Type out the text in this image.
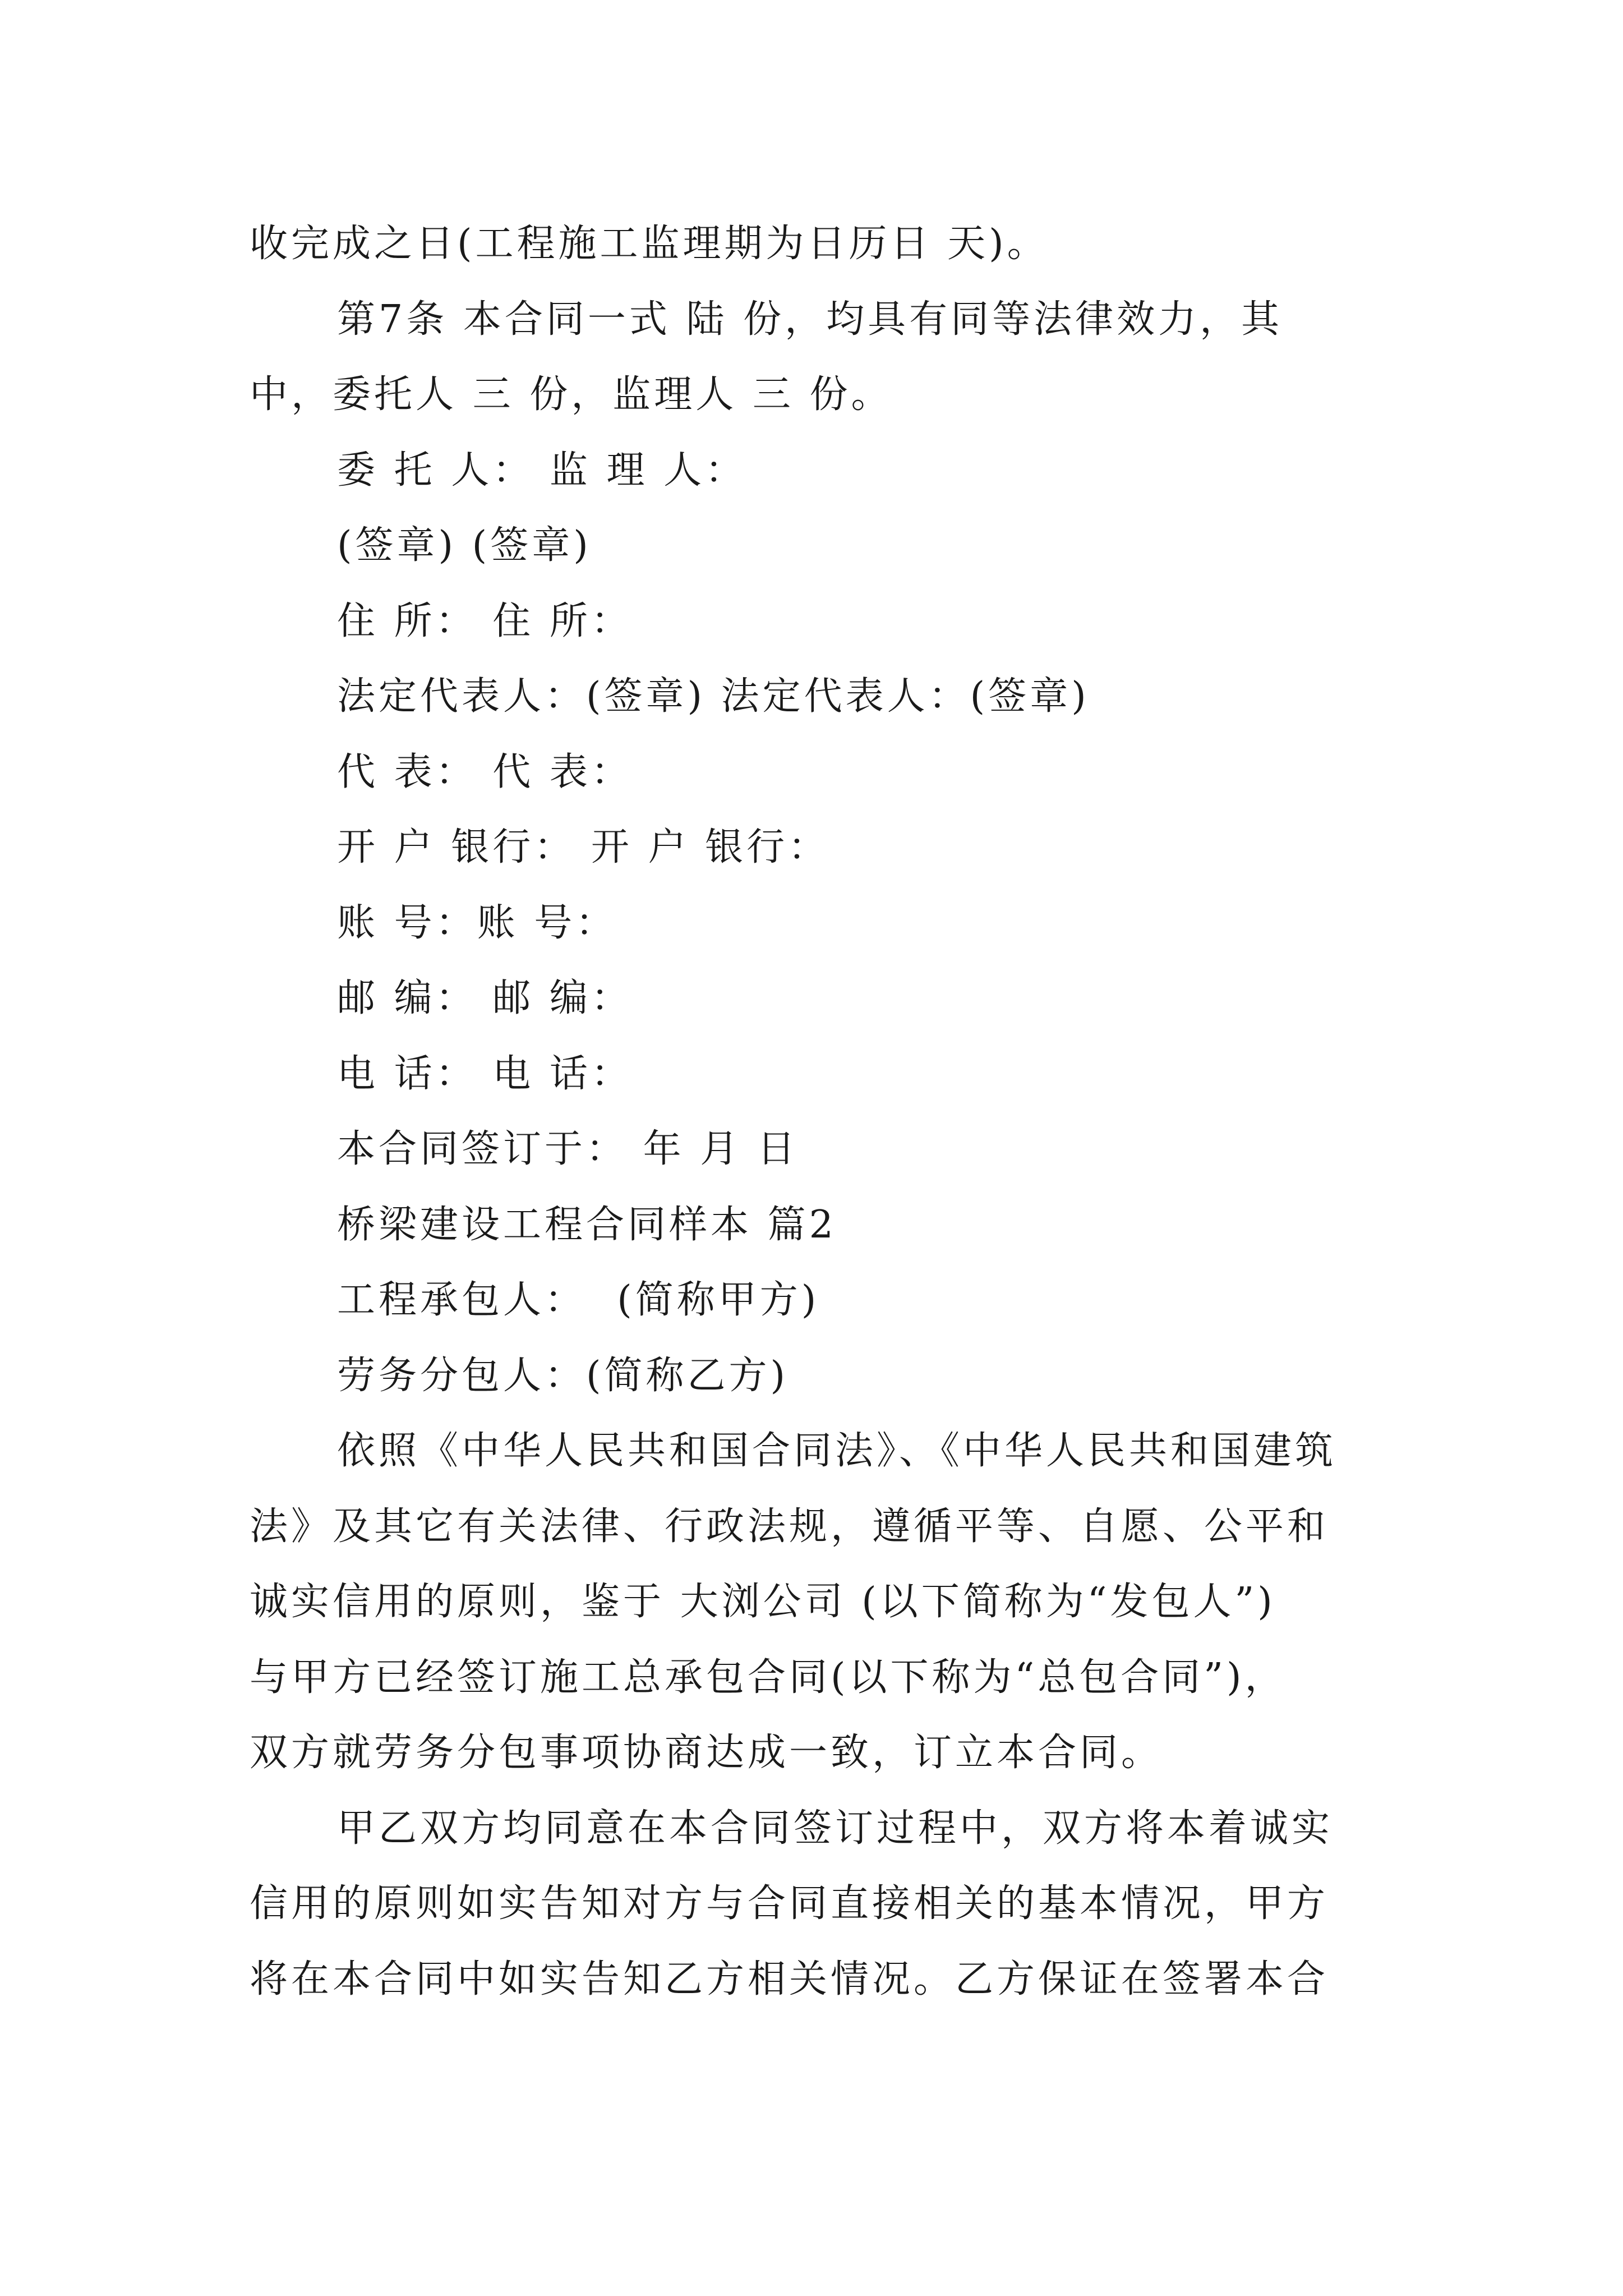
收完成之日(工程施工监理期为日历日 天)。
第7条 本合同一式 陆 份，均具有同等法律效力，其
中，委托人 三 份，监理人 三 份。
委 托 人： 监 理 人：
(签章) (签章)
住 所： 住 所：
法定代表人：(签章) 法定代表人：(签章)
代 表： 代 表：
开 户 银行： 开 户 银行：
账 号：账 号：
邮 编： 邮 编：
电 话： 电 话：
本合同签订于： 年 月 日
桥梁建设工程合同样本 篇2
工程承包人：  (简称甲方)
劳务分包人：(简称乙方)
依照《中华人民共和国合同法》、《中华人民共和国建筑
法》及其它有关法律、行政法规，遵循平等、自愿、公平和
诚实信用的原则，鉴于 大浏公司 (以下简称为“发包人”)
与甲方已经签订施工总承包合同(以下称为“总包合同”)，
双方就劳务分包事项协商达成一致，订立本合同。
甲乙双方均同意在本合同签订过程中，双方将本着诚实
信用的原则如实告知对方与合同直接相关的基本情况，甲方
将在本合同中如实告知乙方相关情况。乙方保证在签署本合
